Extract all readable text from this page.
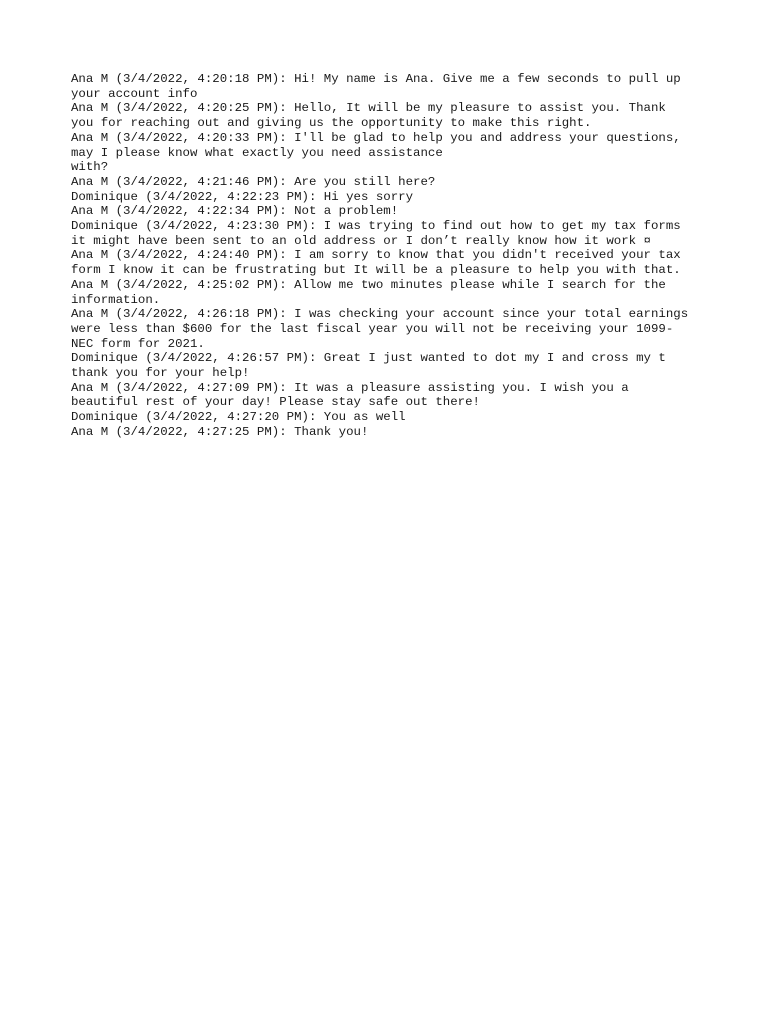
Ana M (3/4/2022, 4:20:18 PM): Hi! My name is Ana. Give me a few seconds to pull up
your account info

Ana M (3/4/2022, 4:20:25 PM): Hello, It will be my pleasure to assist you. Thank
you for reaching out and giving us the opportunity to make this right.

Ana M (3/4/2022, 4:20:33 PM): I'll be glad to help you and address your questions,
may I please know what exactly you need assistance
with?

Ana M (3/4/2022, 4:21:46 PM): Are you still here?

Dominique (3/4/2022, 4:22:23 PM): Hi yes sorry

Ana M (3/4/2022, 4:22:34 PM): Not a problem!

Dominique (3/4/2022, 4:23:30 PM): I was trying to find out how to get my tax forms
it might have been sent to an old address or I don’t really know how it work ¤

Ana M (3/4/2022, 4:24:40 PM): I am sorry to know that you didn't received your tax
form I know it can be frustrating but It will be a pleasure to help you with that.

Ana M (3/4/2022, 4:25:02 PM): Allow me two minutes please while I search for the
information.

Ana M (3/4/2022, 4:26:18 PM): I was checking your account since your total earnings
were less than $600 for the last fiscal year you will not be receiving your 1099-
NEC form for 2021.

Dominique (3/4/2022, 4:26:57 PM): Great I just wanted to dot my I and cross my t
thank you for your help!

Ana M (3/4/2022, 4:27:09 PM): It was a pleasure assisting you. I wish you a
beautiful rest of your day! Please stay safe out there!

Dominique (3/4/2022, 4:27:20 PM): You as well

Ana M (3/4/2022, 4:27:25 PM): Thank you!
